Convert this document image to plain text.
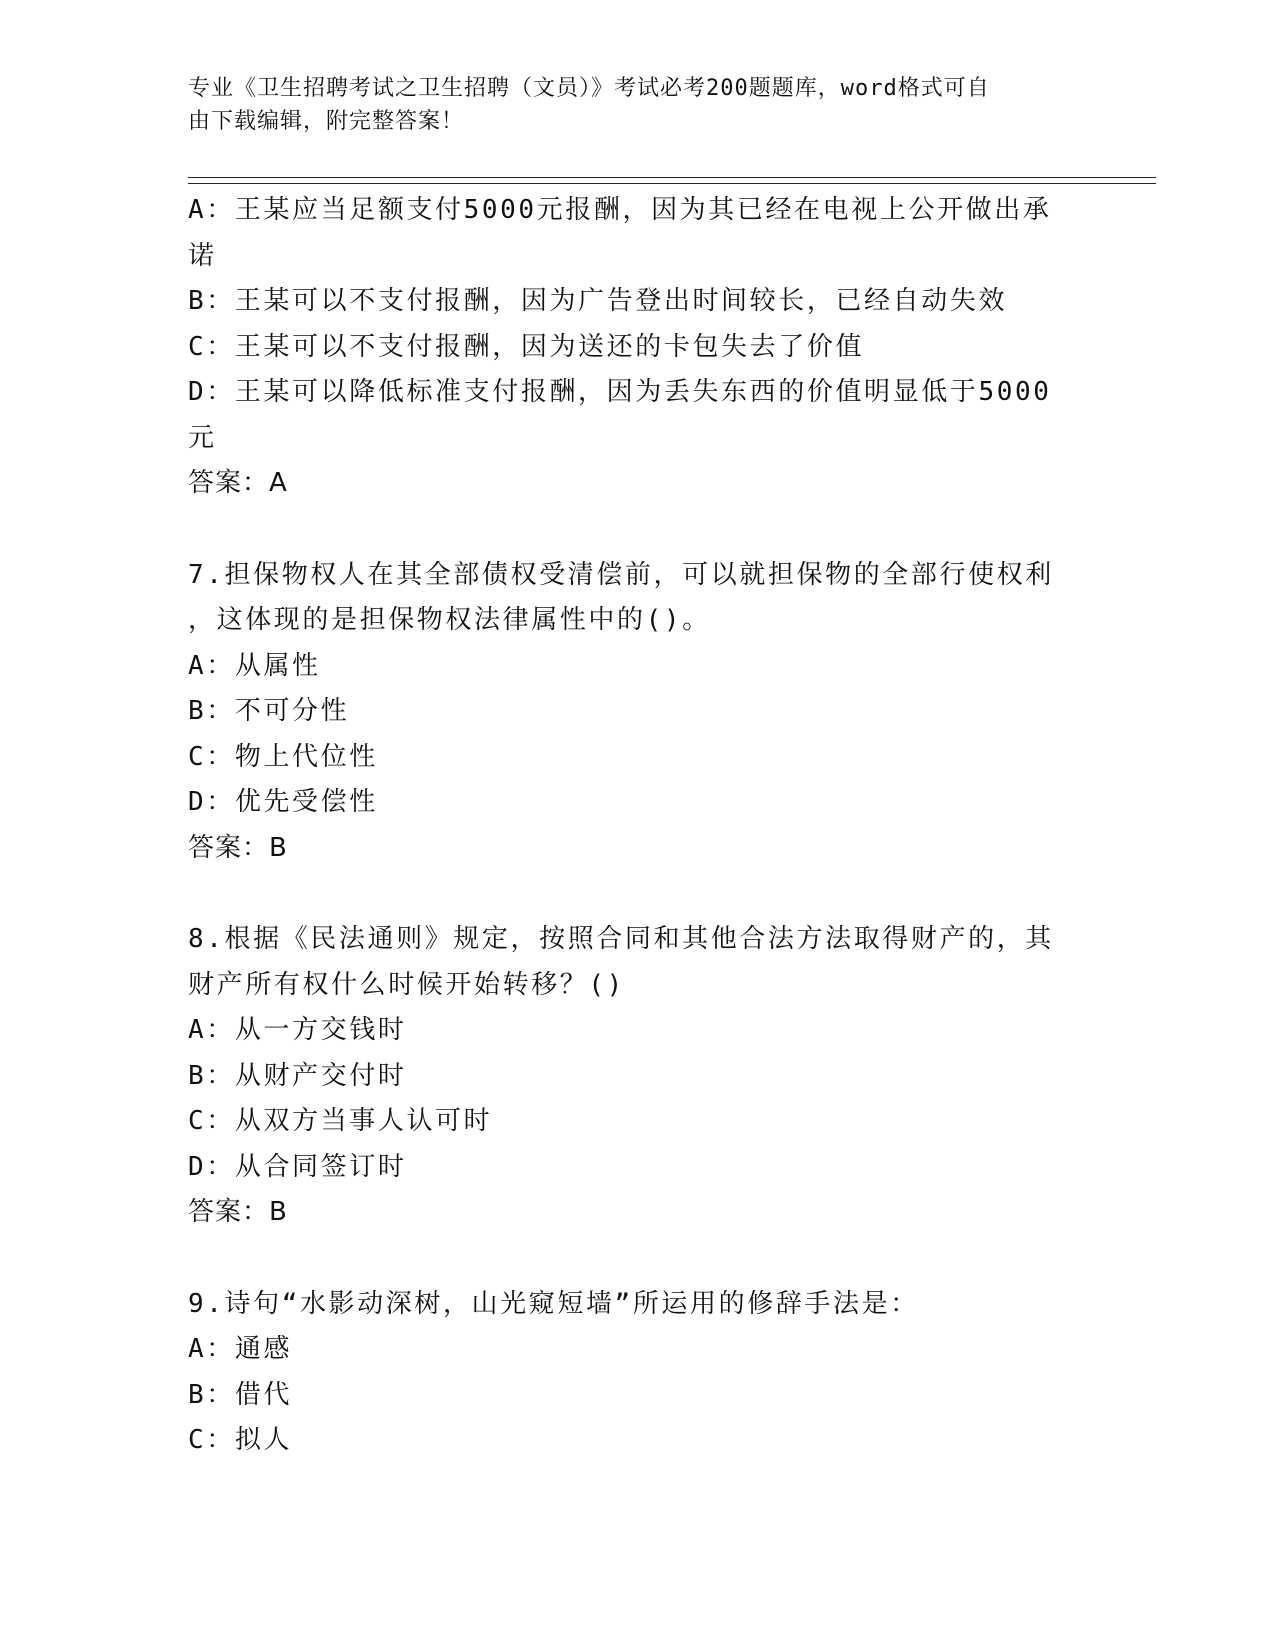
专业《卫生招聘考试之卫生招聘（文员）》考试必考200题题库，word格式可自
由下载编辑，附完整答案！
A：王某应当足额支付5000元报酬，因为其已经在电视上公开做出承
诺
B：王某可以不支付报酬，因为广告登出时间较长，已经自动失效
C：王某可以不支付报酬，因为送还的卡包失去了价值
D：王某可以降低标准支付报酬，因为丢失东西的价值明显低于5000
元
答案：A
7.担保物权人在其全部债权受清偿前，可以就担保物的全部行使权利
，这体现的是担保物权法律属性中的()。
A：从属性
B：不可分性
C：物上代位性
D：优先受偿性
答案：B
8.根据《民法通则》规定，按照合同和其他合法方法取得财产的，其
财产所有权什么时候开始转移？()
A：从一方交钱时
B：从财产交付时
C：从双方当事人认可时
D：从合同签订时
答案：B
9.诗句“水影动深树，山光窥短墙”所运用的修辞手法是：
A：通感
B：借代
C：拟人
